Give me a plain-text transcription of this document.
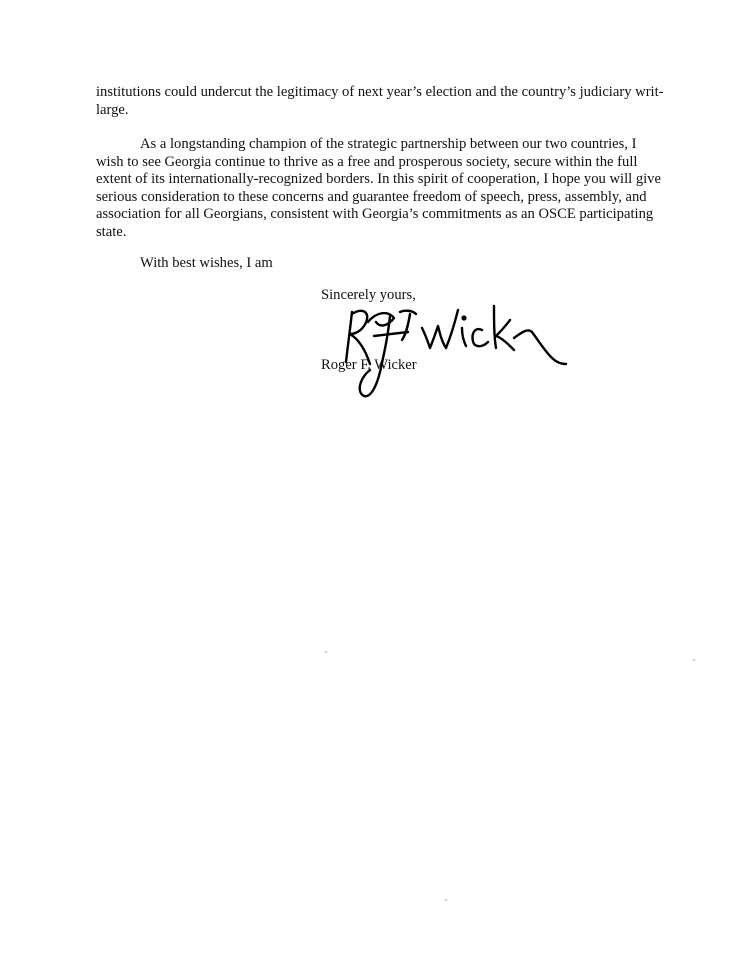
institutions could undercut the legitimacy of next year’s election and the country’s judiciary writ-
large.

As a longstanding champion of the strategic partnership between our two countries, I
wish to see Georgia continue to thrive as a free and prosperous society, secure within the full
extent of its internationally-recognized borders. In this spirit of cooperation, I hope you will give
serious consideration to these concerns and guarantee freedom of speech, press, assembly, and
association for all Georgians, consistent with Georgia’s commitments as an OSCE participating
state.

With best wishes, I am
Sincerely yours,
Roger F. Wicker
